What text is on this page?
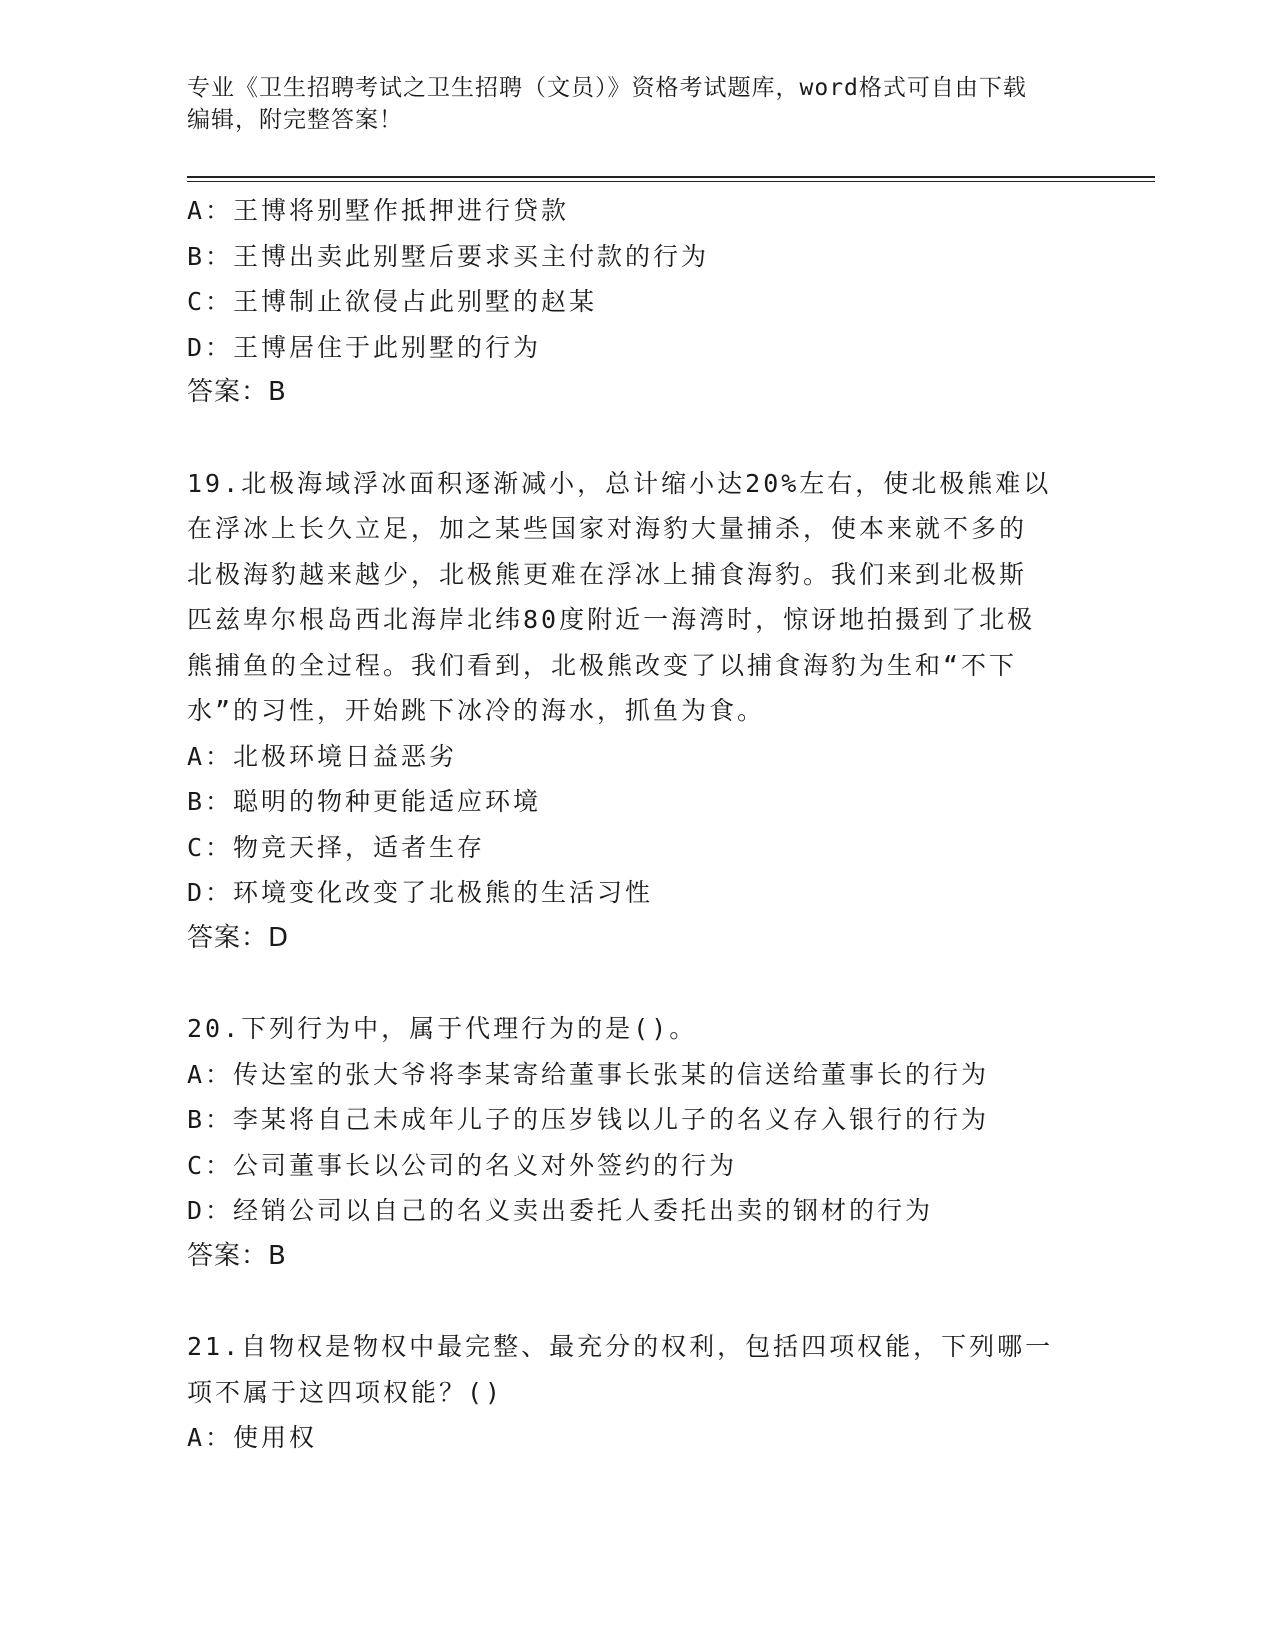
专业《卫生招聘考试之卫生招聘（文员）》资格考试题库，word格式可自由下载
编辑，附完整答案！
A：王博将别墅作抵押进行贷款
B：王博出卖此别墅后要求买主付款的行为
C：王博制止欲侵占此别墅的赵某
D：王博居住于此别墅的行为
答案：B
19.北极海域浮冰面积逐渐减小，总计缩小达20%左右，使北极熊难以
在浮冰上长久立足，加之某些国家对海豹大量捕杀，使本来就不多的
北极海豹越来越少，北极熊更难在浮冰上捕食海豹。我们来到北极斯
匹兹卑尔根岛西北海岸北纬80度附近一海湾时，惊讶地拍摄到了北极
熊捕鱼的全过程。我们看到，北极熊改变了以捕食海豹为生和“不下
水”的习性，开始跳下冰冷的海水，抓鱼为食。
A：北极环境日益恶劣
B：聪明的物种更能适应环境
C：物竞天择，适者生存
D：环境变化改变了北极熊的生活习性
答案：D
20.下列行为中，属于代理行为的是()。
A：传达室的张大爷将李某寄给董事长张某的信送给董事长的行为
B：李某将自己未成年儿子的压岁钱以儿子的名义存入银行的行为
C：公司董事长以公司的名义对外签约的行为
D：经销公司以自己的名义卖出委托人委托出卖的钢材的行为
答案：B
21.自物权是物权中最完整、最充分的权利，包括四项权能，下列哪一
项不属于这四项权能？()
A：使用权
